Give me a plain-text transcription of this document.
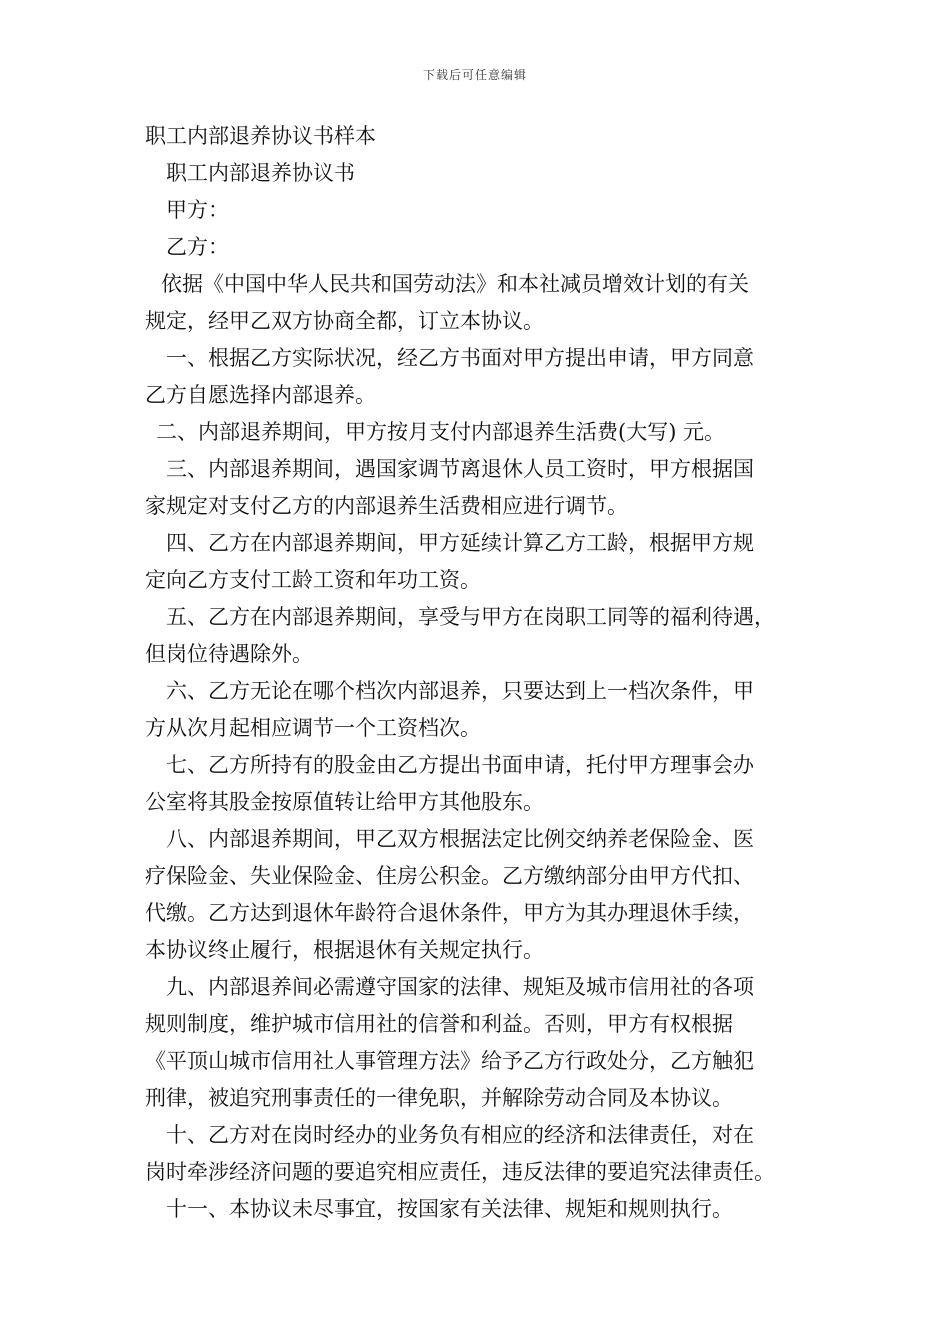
下载后可任意编辑
职工内部退养协议书样本
职工内部退养协议书
甲方：
乙方：
依据《中国中华人民共和国劳动法》和本社减员增效计划的有关
规定，经甲乙双方协商全都，订立本协议。
一、根据乙方实际状况，经乙方书面对甲方提出申请，甲方同意
乙方自愿选择内部退养。
二、内部退养期间，甲方按月支付内部退养生活费(大写) 元。
三、内部退养期间，遇国家调节离退休人员工资时，甲方根据国
家规定对支付乙方的内部退养生活费相应进行调节。
四、乙方在内部退养期间，甲方延续计算乙方工龄，根据甲方规
定向乙方支付工龄工资和年功工资。
五、乙方在内部退养期间，享受与甲方在岗职工同等的福利待遇，
但岗位待遇除外。
六、乙方无论在哪个档次内部退养，只要达到上一档次条件，甲
方从次月起相应调节一个工资档次。
七、乙方所持有的股金由乙方提出书面申请，托付甲方理事会办
公室将其股金按原值转让给甲方其他股东。
八、内部退养期间，甲乙双方根据法定比例交纳养老保险金、医
疗保险金、失业保险金、住房公积金。乙方缴纳部分由甲方代扣、
代缴。乙方达到退休年龄符合退休条件，甲方为其办理退休手续，
本协议终止履行，根据退休有关规定执行。
九、内部退养间必需遵守国家的法律、规矩及城市信用社的各项
规则制度，维护城市信用社的信誉和利益。否则，甲方有权根据
《平顶山城市信用社人事管理方法》给予乙方行政处分，乙方触犯
刑律，被追究刑事责任的一律免职，并解除劳动合同及本协议。
十、乙方对在岗时经办的业务负有相应的经济和法律责任，对在
岗时牵涉经济问题的要追究相应责任，违反法律的要追究法律责任。
十一、本协议未尽事宜，按国家有关法律、规矩和规则执行。
